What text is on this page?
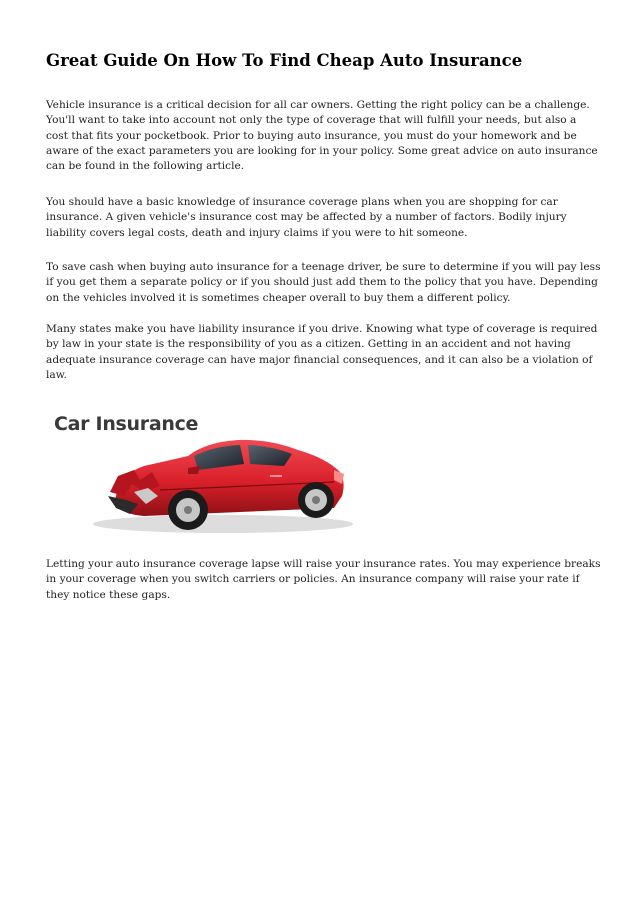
Great Guide On How To Find Cheap Auto Insurance

Vehicle insurance is a critical decision for all car owners. Getting the right policy can be a challenge. You'll want to take into account not only the type of coverage that will fulfill your needs, but also a cost that fits your pocketbook. Prior to buying auto insurance, you must do your homework and be aware of the exact parameters you are looking for in your policy. Some great advice on auto insurance can be found in the following article.

You should have a basic knowledge of insurance coverage plans when you are shopping for car insurance. A given vehicle's insurance cost may be affected by a number of factors. Bodily injury liability covers legal costs, death and injury claims if you were to hit someone.

To save cash when buying auto insurance for a teenage driver, be sure to determine if you will pay less if you get them a separate policy or if you should just add them to the policy that you have. Depending on the vehicles involved it is sometimes cheaper overall to buy them a different policy.

Many states make you have liability insurance if you drive. Knowing what type of coverage is required by law in your state is the responsibility of you as a citizen. Getting in an accident and not having adequate insurance coverage can have major financial consequences, and it can also be a violation of law.

Car Insurance

Letting your auto insurance coverage lapse will raise your insurance rates. You may experience breaks in your coverage when you switch carriers or policies. An insurance company will raise your rate if they notice these gaps.
